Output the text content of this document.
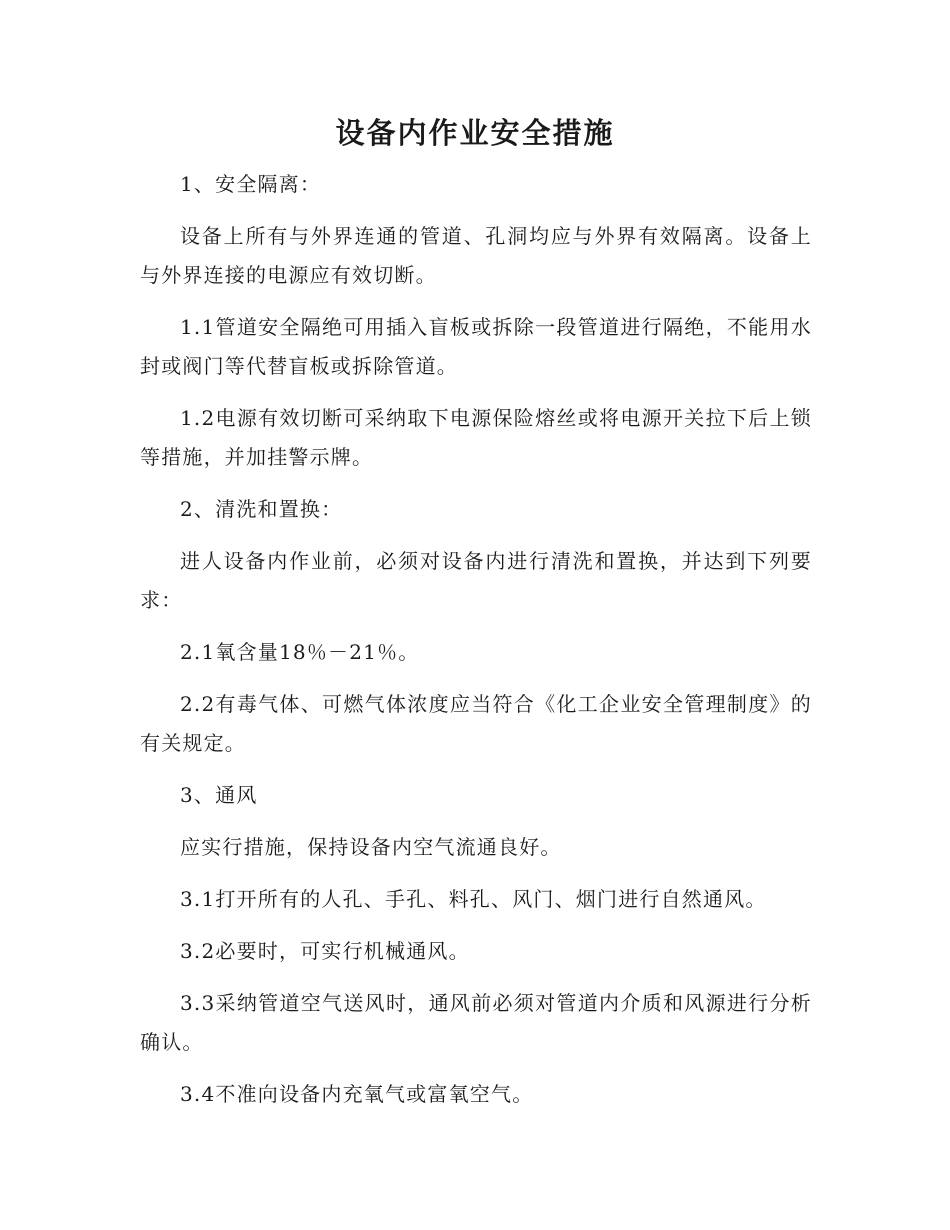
设备内作业安全措施

1、安全隔离：

设备上所有与外界连通的管道、孔洞均应与外界有效隔离。设备上与外界连接的电源应有效切断。

1.1管道安全隔绝可用插入盲板或拆除一段管道进行隔绝，不能用水封或阀门等代替盲板或拆除管道。

1.2电源有效切断可采纳取下电源保险熔丝或将电源开关拉下后上锁等措施，并加挂警示牌。

2、清洗和置换：

进人设备内作业前，必须对设备内进行清洗和置换，并达到下列要求：

2.1氧含量18％－21％。

2.2有毒气体、可燃气体浓度应当符合《化工企业安全管理制度》的有关规定。

3、通风

应实行措施，保持设备内空气流通良好。

3.1打开所有的人孔、手孔、料孔、风门、烟门进行自然通风。

3.2必要时，可实行机械通风。

3.3采纳管道空气送风时，通风前必须对管道内介质和风源进行分析确认。

3.4不准向设备内充氧气或富氧空气。
